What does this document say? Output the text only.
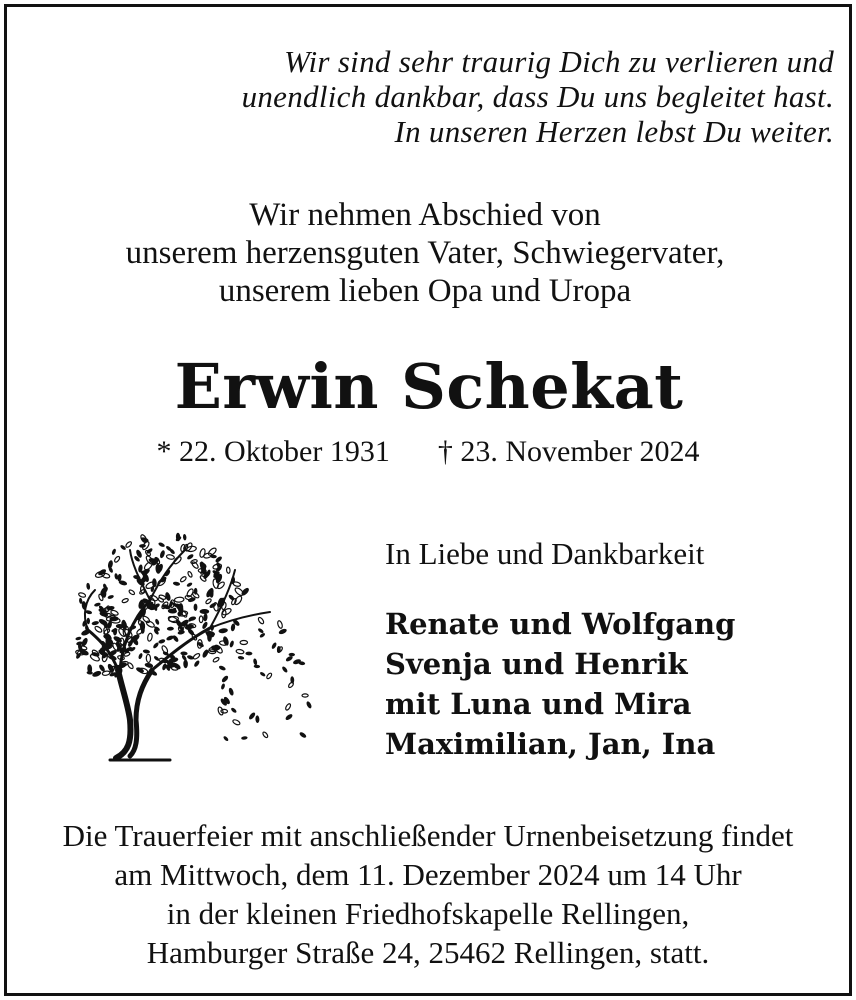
Wir sind sehr traurig Dich zu verlieren und
unendlich dankbar, dass Du uns begleitet hast.
In unseren Herzen lebst Du weiter.
Wir nehmen Abschied von
unserem herzensguten Vater, Schwiegervater,
unserem lieben Opa und Uropa
Erwin Schekat
* 22. Oktober 1931 † 23. November 2024
In Liebe und Dankbarkeit
Renate und Wolfgang
Svenja und Henrik
mit Luna und Mira
Maximilian, Jan, Ina
Die Trauerfeier mit anschließender Urnenbeisetzung findet
am Mittwoch, dem 11. Dezember 2024 um 14 Uhr
in der kleinen Friedhofskapelle Rellingen,
Hamburger Straße 24, 25462 Rellingen, statt.
